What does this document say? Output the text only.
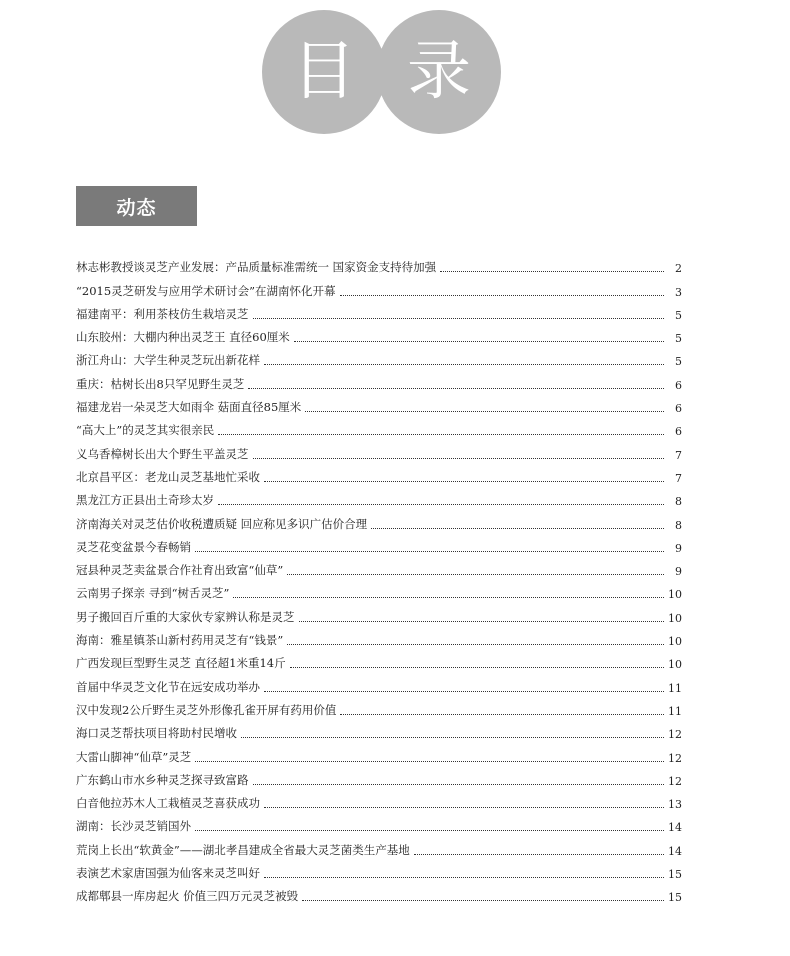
目 录
动态
林志彬教授谈灵芝产业发展：产品质量标准需统一 国家资金支持待加强	2
“2015灵芝研发与应用学术研讨会”在湖南怀化开幕	3
福建南平：利用茶枝仿生栽培灵芝	5
山东胶州：大棚内种出灵芝王 直径60厘米	5
浙江舟山：大学生种灵芝玩出新花样	5
重庆：枯树长出8只罕见野生灵芝	6
福建龙岩一朵灵芝大如雨伞 菇面直径85厘米	6
“高大上”的灵芝其实很亲民	6
义乌香樟树长出大个野生平盖灵芝	7
北京昌平区：老龙山灵芝基地忙采收	7
黑龙江方正县出土奇珍太岁	8
济南海关对灵芝估价收税遭质疑 回应称见多识广估价合理	8
灵芝花变盆景今春畅销	9
冠县种灵芝卖盆景合作社育出致富“仙草”	9
云南男子探亲 寻到“树舌灵芝”	10
男子搬回百斤重的大家伙专家辨认称是灵芝	10
海南：雅星镇茶山新村药用灵芝有“钱景”	10
广西发现巨型野生灵芝 直径超1米重14斤	10
首届中华灵芝文化节在远安成功举办	11
汉中发现2公斤野生灵芝外形像孔雀开屏有药用价值	11
海口灵芝帮扶项目将助村民增收	12
大雷山脚神“仙草”灵芝	12
广东鹤山市水乡种灵芝探寻致富路	12
白音他拉苏木人工栽植灵芝喜获成功	13
湖南：长沙灵芝销国外	14
荒岗上长出“软黄金”——湖北孝昌建成全省最大灵芝菌类生产基地	14
表演艺术家唐国强为仙客来灵芝叫好	15
成都郫县一库房起火 价值三四万元灵芝被毁	15
